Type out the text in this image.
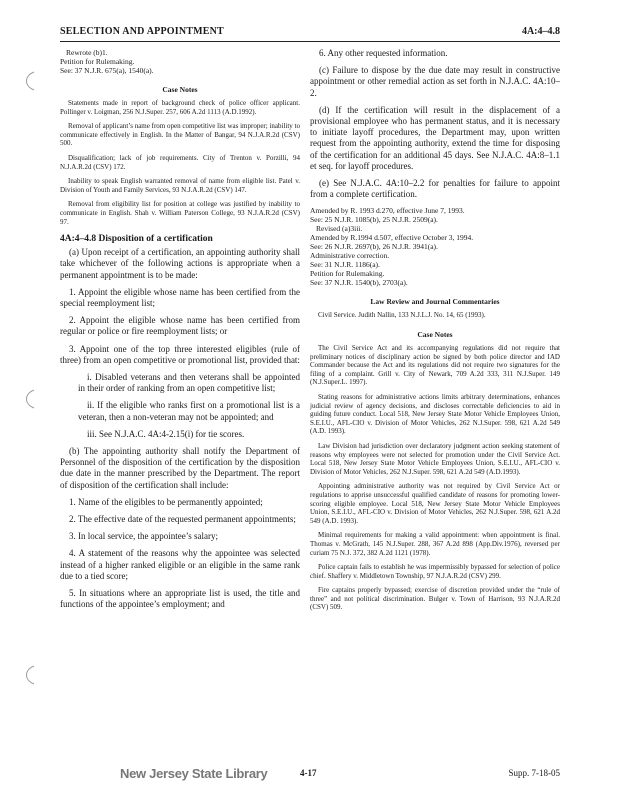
SELECTION AND APPOINTMENT	4A:4–4.8
Rewrote (b)1.
Petition for Rulemaking.
See: 37 N.J.R. 675(a), 1540(a).
Case Notes

Statements made in report of background check of police officer applicant. Pollinger v. Loigman, 256 N.J.Super. 257, 606 A.2d 1113 (A.D.1992).

Removal of applicant’s name from open competitive list was improper; inability to communicate effectively in English. In the Matter of Bangar, 94 N.J.A.R.2d (CSV) 500.

Disqualification; lack of job requirements. City of Trenton v. Porzilli, 94 N.J.A.R.2d (CSV) 172.

Inability to speak English warranted removal of name from eligible list. Patel v. Division of Youth and Family Services, 93 N.J.A.R.2d (CSV) 147.

Removal from eligibility list for position at college was justified by inability to communicate in English. Shah v. William Paterson College, 93 N.J.A.R.2d (CSV) 97.

4A:4–4.8 Disposition of a certification

(a) Upon receipt of a certification, an appointing authority shall take whichever of the following actions is appropriate when a permanent appointment is to be made:

1. Appoint the eligible whose name has been certified from the special reemployment list;

2. Appoint the eligible whose name has been certified from regular or police or fire reemployment lists; or

3. Appoint one of the top three interested eligibles (rule of three) from an open competitive or promotional list, provided that:

i. Disabled veterans and then veterans shall be appointed in their order of ranking from an open competitive list;

ii. If the eligible who ranks first on a promotional list is a veteran, then a non-veteran may not be appointed; and

iii. See N.J.A.C. 4A:4-2.15(i) for tie scores.

(b) The appointing authority shall notify the Department of Personnel of the disposition of the certification by the disposition due date in the manner prescribed by the Department. The report of disposition of the certification shall include:

1. Name of the eligibles to be permanently appointed;

2. The effective date of the requested permanent appointments;

3. In local service, the appointee’s salary;

4. A statement of the reasons why the appointee was selected instead of a higher ranked eligible or an eligible in the same rank due to a tied score;

5. In situations where an appropriate list is used, the title and functions of the appointee’s employment; and

6. Any other requested information.

(c) Failure to dispose by the due date may result in constructive appointment or other remedial action as set forth in N.J.A.C. 4A:10–2.

(d) If the certification will result in the displacement of a provisional employee who has permanent status, and it is necessary to initiate layoff procedures, the Department may, upon written request from the appointing authority, extend the time for disposing of the certification for an additional 45 days. See N.J.A.C. 4A:8–1.1 et seq. for layoff procedures.

(e) See N.J.A.C. 4A:10–2.2 for penalties for failure to appoint from a complete certification.

Amended by R. 1993 d.270, effective June 7, 1993.
See: 25 N.J.R. 1085(b), 25 N.J.R. 2509(a).
Revised (a)3iii.
Amended by R.1994 d.507, effective October 3, 1994.
See: 26 N.J.R. 2697(b), 26 N.J.R. 3941(a).
Administrative correction.
See: 31 N.J.R. 1186(a).
Petition for Rulemaking.
See: 37 N.J.R. 1540(b), 2703(a).
Law Review and Journal Commentaries

Civil Service. Judith Nallin, 133 N.J.L.J. No. 14, 65 (1993).

Case Notes

The Civil Service Act and its accompanying regulations did not require that preliminary notices of disciplinary action be signed by both police director and IAD Commander because the Act and its regulations did not require two signatures for the filing of a complaint. Grill v. City of Newark, 709 A.2d 333, 311 N.J.Super. 149 (N.J.Super.L. 1997).

Stating reasons for administrative actions limits arbitrary determinations, enhances judicial review of agency decisions, and discloses correctable deficiencies to aid in guiding future conduct. Local 518, New Jersey State Motor Vehicle Employees Union, S.E.I.U., AFL-CIO v. Division of Motor Vehicles, 262 N.J.Super. 598, 621 A.2d 549 (A.D. 1993).

Law Division had jurisdiction over declaratory judgment action seeking statement of reasons why employees were not selected for promotion under the Civil Service Act. Local 518, New Jersey State Motor Vehicle Employees Union, S.E.I.U., AFL-CIO v. Division of Motor Vehicles, 262 N.J.Super. 598, 621 A.2d 549 (A.D.1993).

Appointing administrative authority was not required by Civil Service Act or regulations to apprise unsuccessful qualified candidate of reasons for promoting lower-scoring eligible employee. Local 518, New Jersey State Motor Vehicle Employees Union, S.E.I.U., AFL-CIO v. Division of Motor Vehicles, 262 N.J.Super. 598, 621 A.2d 549 (A.D. 1993).

Minimal requirements for making a valid appointment: when appointment is final. Thomas v. McGrath, 145 N.J.Super. 288, 367 A.2d 898 (App.Div.1976), reversed per curiam 75 N.J. 372, 382 A.2d 1121 (1978).

Police captain fails to establish he was impermissibly bypassed for selection of police chief. Shaffery v. Middletown Township, 97 N.J.A.R.2d (CSV) 299.

Fire captains properly bypassed; exercise of discretion provided under the “rule of three” and not political discrimination. Bulger v. Town of Harrison, 93 N.J.A.R.2d (CSV) 509.

New Jersey State Library	4-17	Supp. 7-18-05
